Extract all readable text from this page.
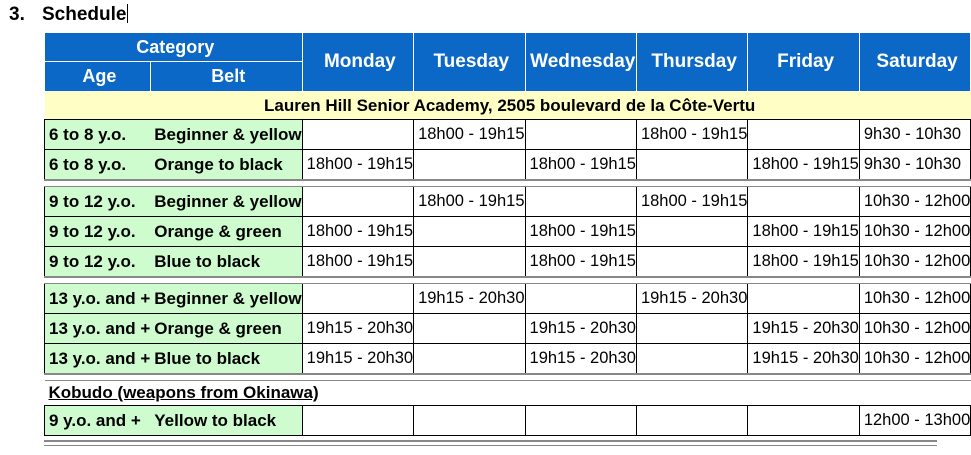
3. Schedule
Category		Monday	Tuesday	Wednesday	Thursday	Friday	Saturday
Age	Belt						
Lauren Hill Senior Academy, 2505 boulevard de la Côte-Vertu							
6 to 8 y.o.	Beginner & yellow		18h00 - 19h15		18h00 - 19h15		9h30 - 10h30
6 to 8 y.o.	Orange to black	18h00 - 19h15		18h00 - 19h15		18h00 - 19h15	9h30 - 10h30

9 to 12 y.o.	Beginner & yellow		18h00 - 19h15		18h00 - 19h15		10h30 - 12h00
9 to 12 y.o.	Orange & green	18h00 - 19h15		18h00 - 19h15		18h00 - 19h15	10h30 - 12h00
9 to 12 y.o.	Blue to black	18h00 - 19h15		18h00 - 19h15		18h00 - 19h15	10h30 - 12h00

13 y.o. and +	Beginner & yellow		19h15 - 20h30		19h15 - 20h30		10h30 - 12h00
13 y.o. and +	Orange & green	19h15 - 20h30		19h15 - 20h30		19h15 - 20h30	10h30 - 12h00
13 y.o. and +	Blue to black	19h15 - 20h30		19h15 - 20h30		19h15 - 20h30	10h30 - 12h00

Kobudo (weapons from Okinawa)							
9 y.o. and +	Yellow to black						12h00 - 13h00
